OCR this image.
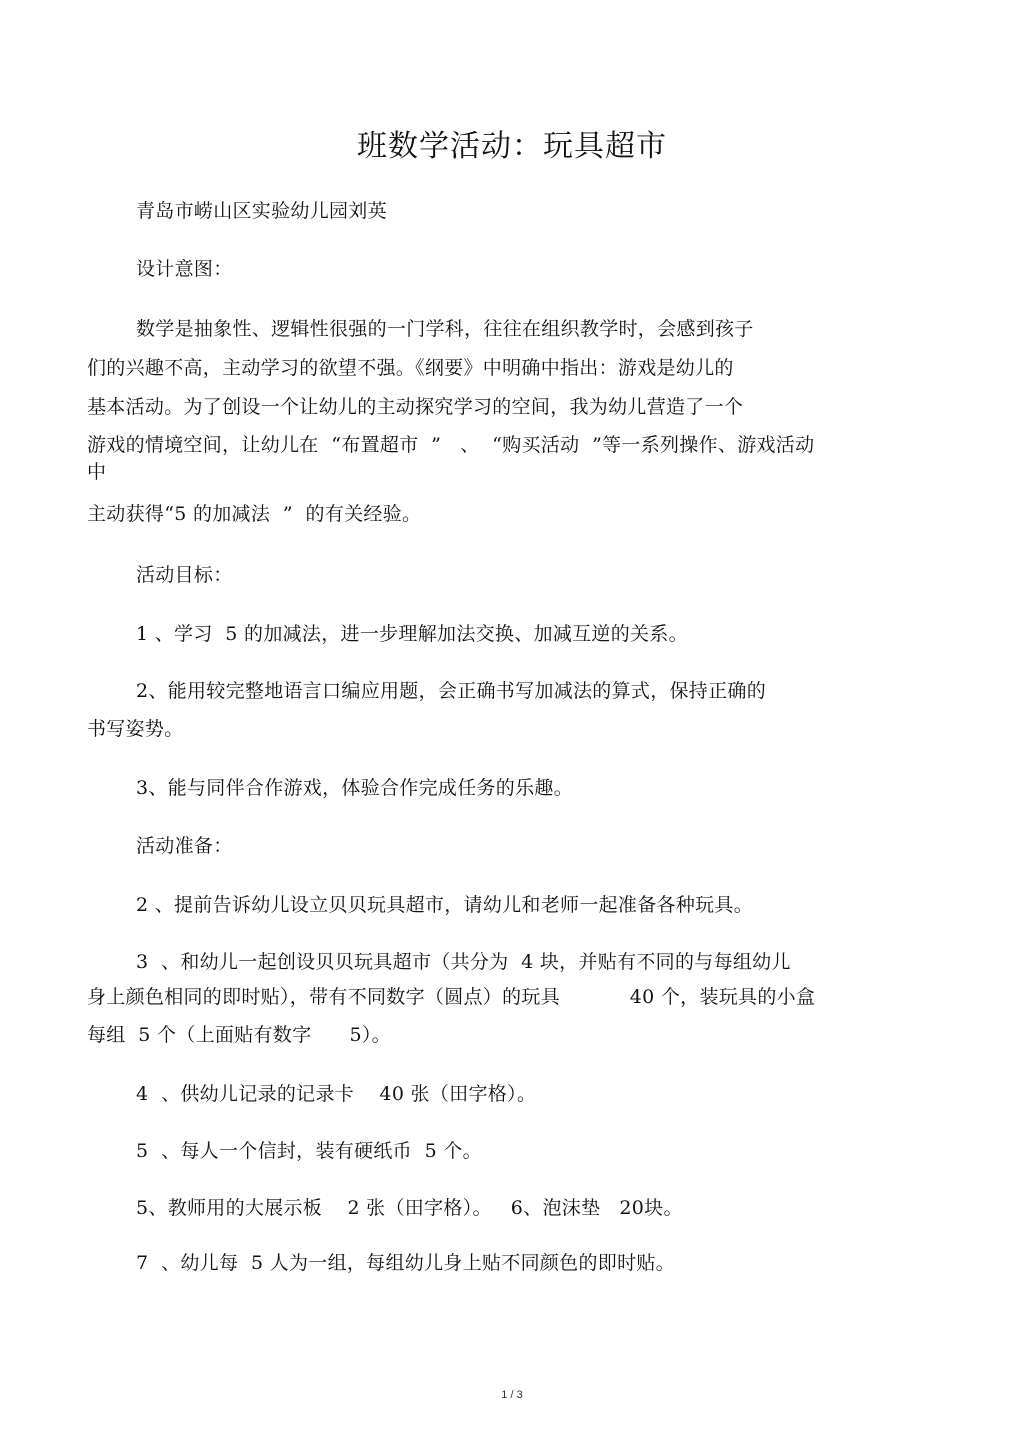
班数学活动：玩具超市
青岛市崂山区实验幼儿园刘英
设计意图：
数学是抽象性、逻辑性很强的一门学科，往往在组织教学时，会感到孩子
们的兴趣不高，主动学习的欲望不强。《纲要》中明确中指出：游戏是幼儿的
基本活动。为了创设一个让幼儿的主动探究学习的空间，我为幼儿营造了一个
游戏的情境空间，让幼儿在  “布置超市  ”   、  “购买活动  ”等一系列操作、游戏活动
中
主动获得“5 的加减法  ”  的有关经验。
活动目标：
1 、学习  5 的加减法，进一步理解加法交换、加减互逆的关系。
2、能用较完整地语言口编应用题，会正确书写加减法的算式，保持正确的
书写姿势。
3、能与同伴合作游戏，体验合作完成任务的乐趣。
活动准备：
2 、提前告诉幼儿设立贝贝玩具超市，请幼儿和老师一起准备各种玩具。
3  、和幼儿一起创设贝贝玩具超市（共分为  4 块，并贴有不同的与每组幼儿
身上颜色相同的即时贴），带有不同数字（圆点）的玩具           40 个，装玩具的小盒
每组  5 个（上面贴有数字      5）。
4  、供幼儿记录的记录卡    40 张（田字格）。
5  、每人一个信封，装有硬纸币  5 个。
5、教师用的大展示板    2 张（田字格）。   6、泡沫垫   20块。
7  、幼儿每  5 人为一组，每组幼儿身上贴不同颜色的即时贴。
1 / 3
